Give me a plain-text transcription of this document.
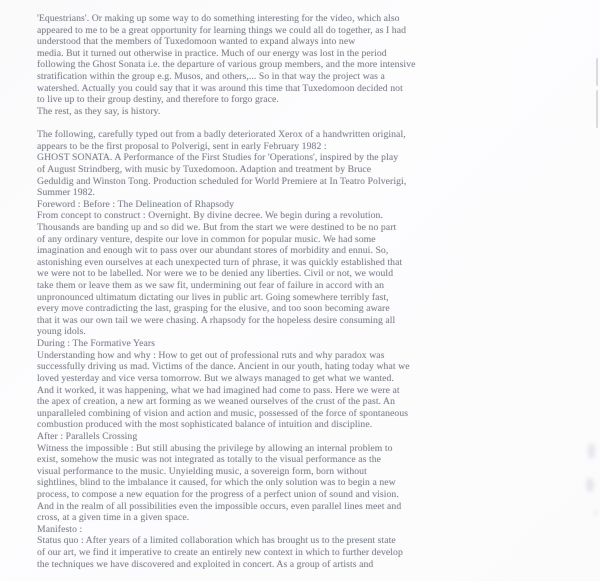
'Equestrians'. Or making up some way to do something interesting for the video, which also
appeared to me to be a great opportunity for learning things we could all do together, as I had
understood that the members of Tuxedomoon wanted to expand always into new
media. But it turned out otherwise in practice. Much of our energy was lost in the period
following the Ghost Sonata i.e. the departure of various group members, and the more intensive
stratification within the group e.g. Musos, and others,... So in that way the project was a
watershed. Actually you could say that it was around this time that Tuxedomoon decided not
to live up to their group destiny, and therefore to forgo grace.
The rest, as they say, is history.

The following, carefully typed out from a badly deteriorated Xerox of a handwritten original,
appears to be the first proposal to Polverigi, sent in early February 1982 :
GHOST SONATA. A Performance of the First Studies for 'Operations', inspired by the play
of August Strindberg, with music by Tuxedomoon. Adaption and treatment by Bruce
Geduldig and Winston Tong. Production scheduled for World Premiere at In Teatro Polverigi,
Summer 1982.
Foreword : Before : The Delineation of Rhapsody
From concept to construct : Overnight. By divine decree. We begin during a revolution.
Thousands are banding up and so did we. But from the start we were destined to be no part
of any ordinary venture, despite our love in common for popular music. We had some
imagination and enough wit to pass over our abundant stores of morbidity and ennui. So,
astonishing even ourselves at each unexpected turn of phrase, it was quickly established that
we were not to be labelled. Nor were we to be denied any liberties. Civil or not, we would
take them or leave them as we saw fit, undermining out fear of failure in accord with an
unpronounced ultimatum dictating our lives in public art. Going somewhere terribly fast,
every move contradicting the last, grasping for the elusive, and too soon becoming aware
that it was our own tail we were chasing. A rhapsody for the hopeless desire consuming all
young idols.
During : The Formative Years
Understanding how and why : How to get out of professional ruts and why paradox was
successfully driving us mad. Victims of the dance. Ancient in our youth, hating today what we
loved yesterday and vice versa tomorrow. But we always managed to get what we wanted.
And it worked, it was happening, what we had imagined had come to pass. Here we were at
the apex of creation, a new art forming as we weaned ourselves of the crust of the past. An
unparalleled combining of vision and action and music, possessed of the force of spontaneous
combustion produced with the most sophisticated balance of intuition and discipline.
After : Parallels Crossing
Witness the impossible : But still abusing the privilege by allowing an internal problem to
exist, somehow the music was not integrated as totally to the visual performance as the
visual performance to the music. Unyielding music, a sovereign form, born without
sightlines, blind to the imbalance it caused, for which the only solution was to begin a new
process, to compose a new equation for the progress of a perfect union of sound and vision.
And in the realm of all possibilities even the impossible occurs, even parallel lines meet and
cross, at a given time in a given space.
Manifesto :
Status quo : After years of a limited collaboration which has brought us to the present state
of our art, we find it imperative to create an entirely new context in which to further develop
the techniques we have discovered and exploited in concert. As a group of artists and
